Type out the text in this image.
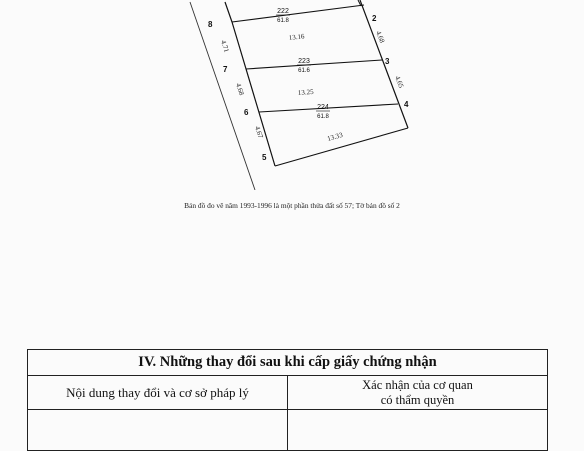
222
61.8
223
61.6
224
61.8
2
3
4
5
6
7
8
4.71
13.16	4.68
4.68	13.25
4.65
4.67	13.33
Bản đồ đo vẽ năm 1993-1996 là một phần thửa đất số 57; Tờ bản đồ số 2
IV. Những thay đổi sau khi cấp giấy chứng nhận	
Nội dung thay đổi và cơ sở pháp lý	Xác nhận của cơ quan
có thẩm quyền
